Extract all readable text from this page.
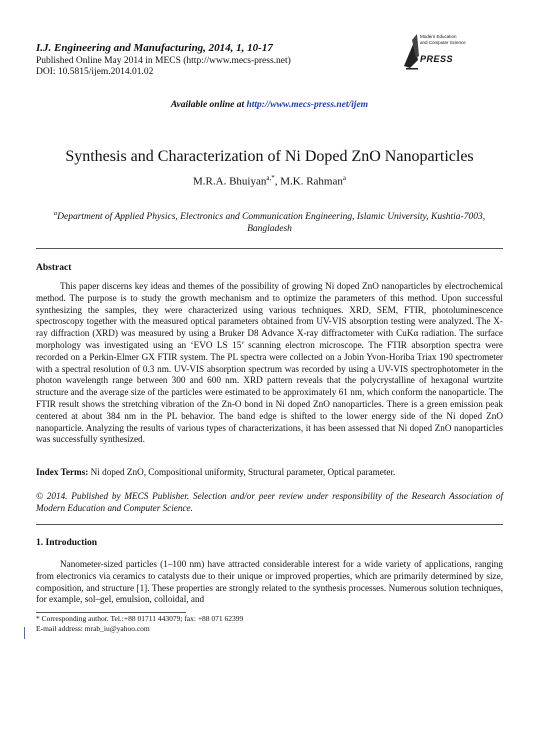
I.J. Engineering and Manufacturing, 2014, 1, 10-17
Published Online May 2014 in MECS (http://www.mecs-press.net)
DOI: 10.5815/ijem.2014.01.02
Modern Education
and Computer Science
PRESS
Available online at http://www.mecs-press.net/ijem
Synthesis and Characterization of Ni Doped ZnO Nanoparticles
M.R.A. Bhuiyan$^{a,*}$, M.K. Rahman$^a$
$^a$Department of Applied Physics, Electronics and Communication Engineering, Islamic University, Kushtia-7003, Bangladesh
Abstract
This paper discerns key ideas and themes of the possibility of growing Ni doped ZnO nanoparticles by electrochemical method. The purpose is to study the growth mechanism and to optimize the parameters of this method. Upon successful synthesizing the samples, they were characterized using various techniques. XRD, SEM, FTIR, photoluminescence spectroscopy together with the measured optical parameters obtained from UV-VIS absorption testing were analyzed. The X-ray diffraction (XRD) was measured by using a Bruker D8 Advance X-ray diffractometer with CuKα radiation. The surface morphology was investigated using an ‘EVO LS 15’ scanning electron microscope. The FTIR absorption spectra were recorded on a Perkin-Elmer GX FTIR system. The PL spectra were collected on a Jobin Yvon-Horiba Triax 190 spectrometer with a spectral resolution of 0.3 nm. UV-VIS absorption spectrum was recorded by using a UV-VIS spectrophotometer in the photon wavelength range between 300 and 600 nm. XRD pattern reveals that the polycrystalline of hexagonal wurtzite structure and the average size of the particles were estimated to be approximately 61 nm, which conform the nanoparticle. The FTIR result shows the stretching vibration of the Zn-O bond in Ni doped ZnO nanoparticles. There is a green emission peak centered at about 384 nm in the PL behavior. The band edge is shifted to the lower energy side of the Ni doped ZnO nanoparticle. Analyzing the results of various types of characterizations, it has been assessed that Ni doped ZnO nanoparticles was successfully synthesized.
Index Terms: Ni doped ZnO, Compositional uniformity, Structural parameter, Optical parameter.
© 2014. Published by MECS Publisher. Selection and/or peer review under responsibility of the Research Association of Modern Education and Computer Science.
1. Introduction
Nanometer-sized particles (1–100 nm) have attracted considerable interest for a wide variety of applications, ranging from electronics via ceramics to catalysts due to their unique or improved properties, which are primarily determined by size, composition, and structure [1]. These properties are strongly related to the synthesis processes. Numerous solution techniques, for example, sol–gel, emulsion, colloidal, and
* Corresponding author. Tel.:+88 01711 443079; fax: +88 071 62399
E-mail address: mrab_iu@yahoo.com
